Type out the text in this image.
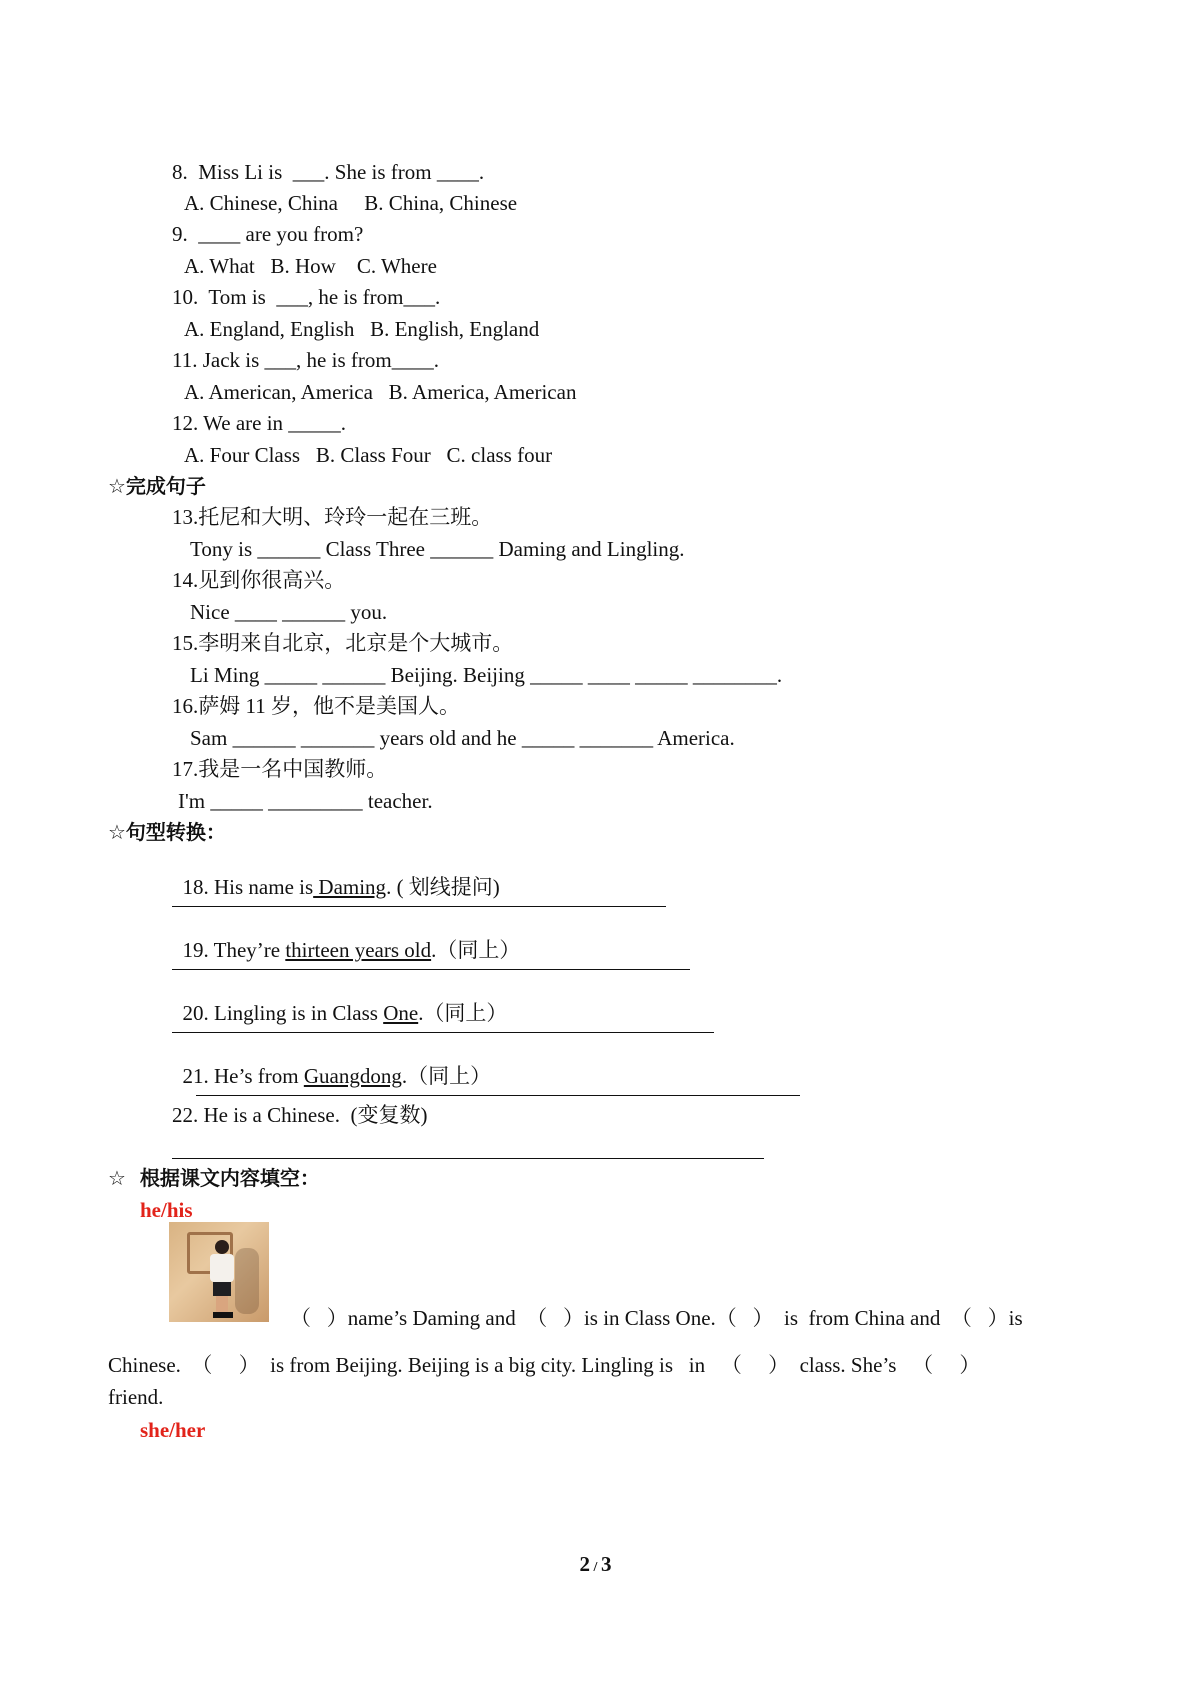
8.  Miss Li is  ___. She is from ____.
A. Chinese, China     B. China, Chinese
9.  ____ are you from?
A. What   B. How    C. Where
10.  Tom is  ___, he is from___.
A. England, English   B. English, England
11. Jack is ___, he is from____.
A. American, America   B. America, American
12. We are in _____.
A. Four Class   B. Class Four   C. class four
☆完成句子
13.托尼和大明、玲玲一起在三班。
Tony is ______ Class Three ______ Daming and Lingling.
14.见到你很高兴。
Nice ____ ______ you.
15.李明来自北京，北京是个大城市。
Li Ming _____ ______ Beijing. Beijing _____ ____ _____ ________.
16.萨姆 11 岁，他不是美国人。
Sam ______ _______ years old and he _____ _______ America.
17.我是一名中国教师。
I'm _____ _________ teacher.
☆句型转换：

18. His name is Daming. ( 划线提问)

19. They’re thirteen years old.（同上）

20. Lingling is in Class One.（同上）

21. He’s from Guangdong.（同上）

22. He is a Chinese.  (变复数)
☆  根据课文内容填空：
he/his
（   ）name’s Daming and  （   ）is in Class One.（   ）  is  from China and  （   ）is
Chinese.  （     ）  is from Beijing. Beijing is a big city. Lingling is   in   （     ）  class. She’s   （     ）
friend.
she/her
2 / 3
